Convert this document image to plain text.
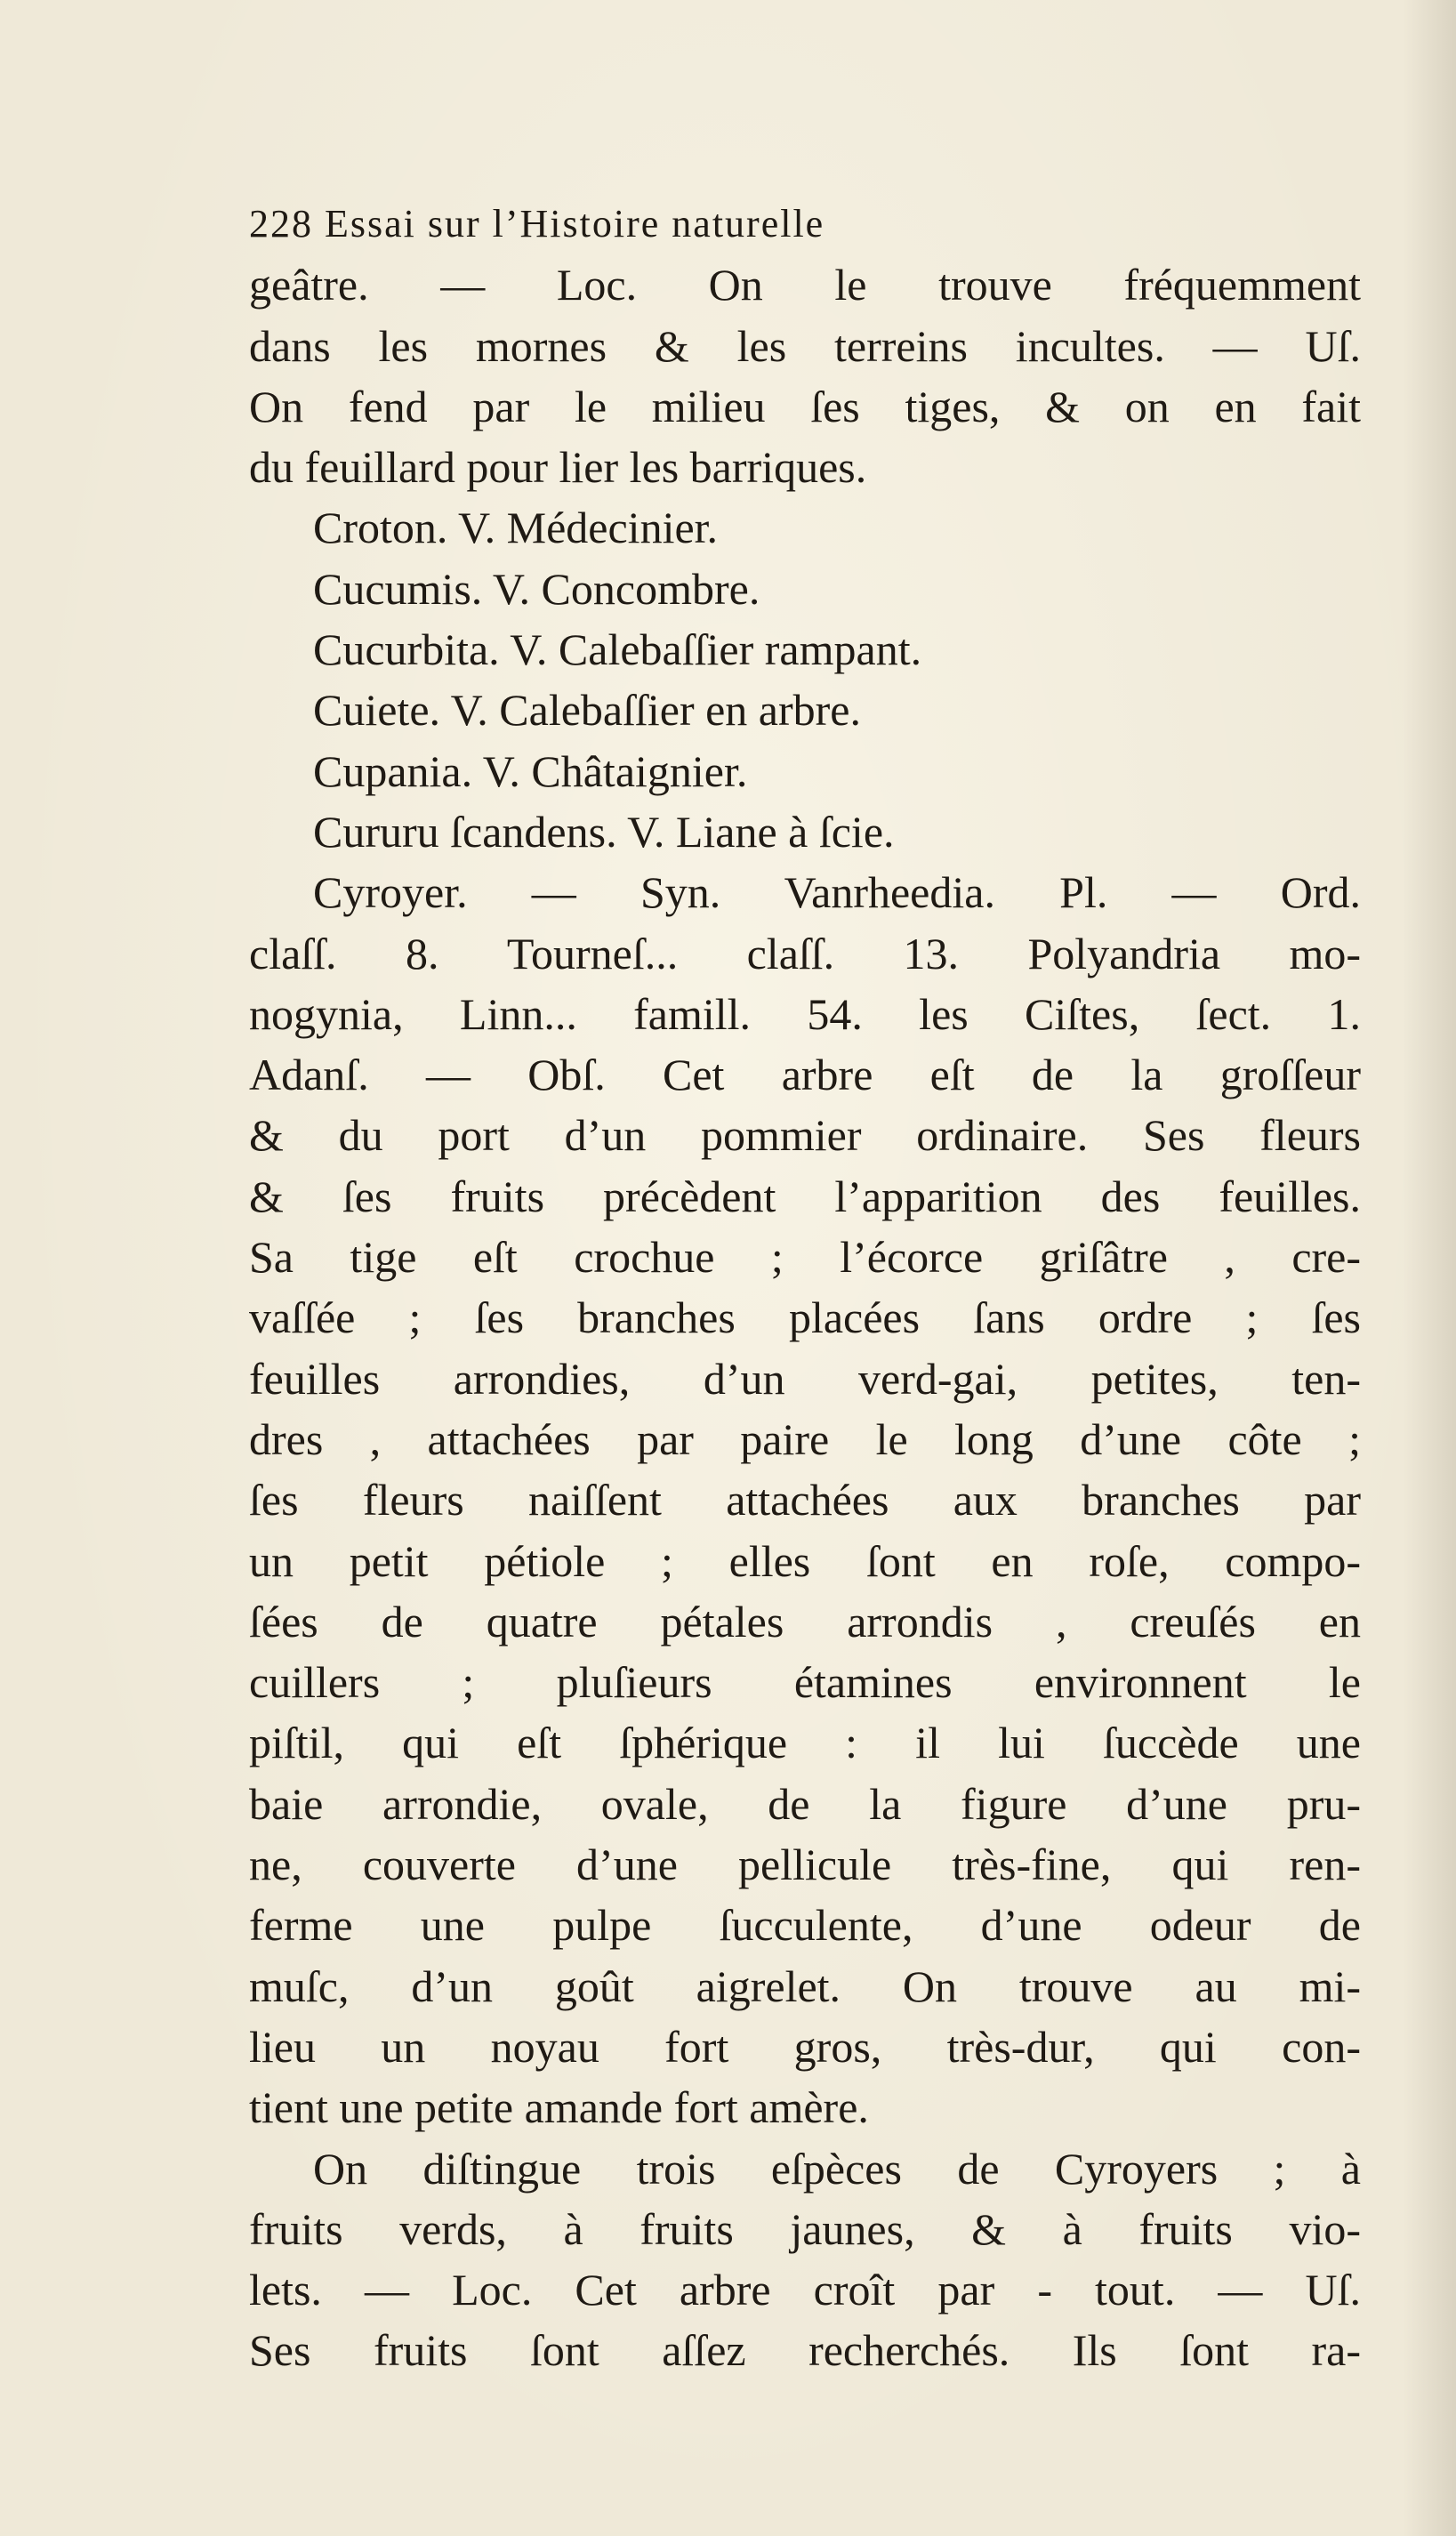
228 Essai sur l’Histoire naturelle
geâtre. — Loc. On le trouve fréquemment
dans les mornes & les terreins incultes. — Uſ.
On fend par le milieu ſes tiges, & on en fait
du feuillard pour lier les barriques.
Croton. V. Médecinier.
Cucumis. V. Concombre.
Cucurbita. V. Calebaſſier rampant.
Cuiete. V. Calebaſſier en arbre.
Cupania. V. Châtaignier.
Cururu ſcandens. V. Liane à ſcie.
Cyroyer. — Syn. Vanrheedia. Pl. — Ord.
claſſ. 8. Tourneſ... claſſ. 13. Polyandria mo-
nogynia, Linn... famill. 54. les Ciſtes, ſect. 1.
Adanſ. — Obſ. Cet arbre eſt de la groſſeur
& du port d’un pommier ordinaire. Ses fleurs
& ſes fruits précèdent l’apparition des feuilles.
Sa tige eſt crochue ; l’écorce griſâtre , cre-
vaſſée ; ſes branches placées ſans ordre ; ſes
feuilles arrondies, d’un verd-gai, petites, ten-
dres , attachées par paire le long d’une côte ;
ſes fleurs naiſſent attachées aux branches par
un petit pétiole ; elles ſont en roſe, compo-
ſées de quatre pétales arrondis , creuſés en
cuillers ; pluſieurs étamines environnent le
piſtil, qui eſt ſphérique : il lui ſuccède une
baie arrondie, ovale, de la figure d’une pru-
ne, couverte d’une pellicule très-fine, qui ren-
ferme une pulpe ſucculente, d’une odeur de
muſc, d’un goût aigrelet. On trouve au mi-
lieu un noyau fort gros, très-dur, qui con-
tient une petite amande fort amère.
On diſtingue trois eſpèces de Cyroyers ; à
fruits verds, à fruits jaunes, & à fruits vio-
lets. — Loc. Cet arbre croît par - tout. — Uſ.
Ses fruits ſont aſſez recherchés. Ils ſont ra-
